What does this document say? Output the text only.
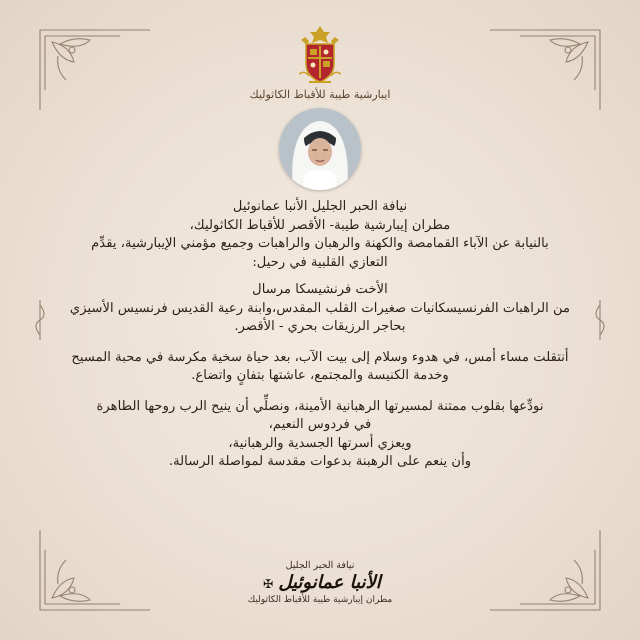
ايبارشية طيبة للأقباط الكاثوليك

نيافة الحبر الجليل الأنبا عمانوئيل

مطران إيبارشية طيبة- الأقصر للأقباط الكاثوليك،

بالنيابة عن الآباء القمامصة والكهنة والرهبان والراهبات وجميع مؤمني الإيبارشية، يقدِّم

التعازي القلبية في رحيل:

الأخت فرنشيسكا مرسال

من الراهبات الفرنسيسكانيات صغيرات القلب المقدس،وابنة رعية القديس فرنسيس الأسيزي

بحاجر الرزيقات بحري - الأقصر.

أنتقلت مساء أمس، في هدوء وسلام إلى بيت الآب، بعد حياة سخية مكرسة في محبة المسيح

وخدمة الكنيسة والمجتمع، عاشتها بتفانٍ واتضاع.

نودِّعها بقلوب ممتنة لمسيرتها الرهبانية الأمينة، ونصلِّي أن ينيح الرب روحها الطاهرة

في فردوس النعيم،

ويعزي أسرتها الجسدية والرهبانية،

وأن ينعم على الرهبنة بدعوات مقدسة لمواصلة الرسالة.

نيافة الحبر الجليل
الأنبا عمانوئيل ✠
مطران إيبارشية طيبة للأقباط الكاثوليك
